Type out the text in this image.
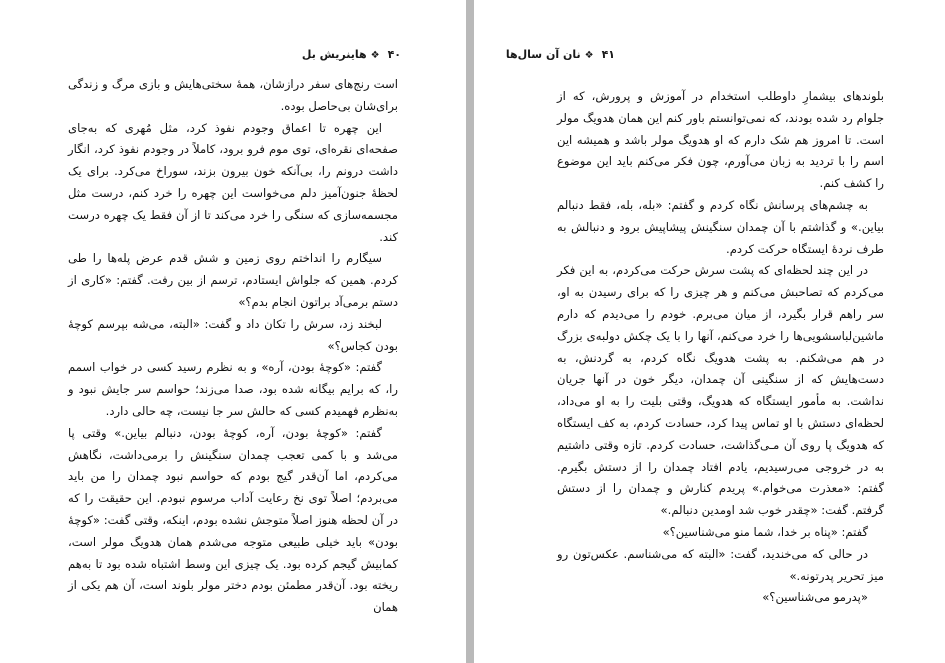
۴۰❖هاینریش بل

است رنج‌های سفر درازشان، همهٔ سختی‌هایش و بازی مرگ و زندگی برای‌شان بی‌حاصل بوده.

این چهره تا اعماق وجودم نفوذ کرد، مثل مُهری که به‌جای صفحه‌ای نقره‌ای، توی موم فرو برود، کاملاً در وجودم نفوذ کرد، انگار داشت درونم را، بی‌آنکه خون بیرون بزند، سوراخ می‌کرد. برای یک لحظهٔ جنون‌آمیز دلم می‌خواست این چهره را خرد کنم، درست مثل مجسمه‌سازی که سنگی را خرد می‌کند تا از آن فقط یک چهره درست کند.

سیگارم را انداختم روی زمین و شش قدم عرض پله‌ها را طی کردم. همین که جلواش ایستادم، ترسم از بین رفت. گفتم: «کاری از دستم برمی‌آد براتون انجام بدم؟»

لبخند زد، سرش را تکان داد و گفت: «البته، می‌شه بپرسم کوچهٔ بودن کجاس؟»

گفتم: «کوچهٔ بودن، آره» و به نظرم رسید کسی در خواب اسمم را، که برایم بیگانه شده بود، صدا می‌زند؛ حواسم سر جایش نبود و به‌نظرم فهمیدم کسی که حالش سر جا نیست، چه حالی دارد.

گفتم: «کوچهٔ بودن، آره، کوچهٔ بودن، دنبالم بیاین.» وقتی پا می‌شد و با کمی تعجب چمدان سنگینش را برمی‌داشت، نگاهش می‌کردم، اما آن‌قدر گیج بودم که حواسم نبود چمدان را من باید می‌بردم؛ اصلاً توی نخ رعایت آداب مرسوم نبودم. این حقیقت را که در آن لحظه هنوز اصلاً متوجش نشده بودم، اینکه، وقتی گفت: «کوچهٔ بودن» باید خیلی طبیعی متوجه می‌شدم همان هدویگ مولر است، کمابیش گیجم کرده بود. یک چیزی این وسط اشتباه شده بود تا به‌هم ریخته بود. آن‌قدر مطمئن بودم دختر مولر بلوند است، آن هم یکی از همان

۴۱❖نان آن سال‌ها

بلوندهای بیشمارِ داوطلب استخدام در آموزش و پرورش، که از جلوام رد شده بودند، که نمی‌توانستم باور کنم این همان هدویگ مولر است. تا امروز هم شک دارم که او هدویگ مولر باشد و همیشه این اسم را با تردید به زبان می‌آورم، چون فکر می‌کنم باید این موضوع را کشف کنم.

به چشم‌های پرسانش نگاه کردم و گفتم: «بله، بله، فقط دنبالم بیاین.» و گذاشتم با آن چمدان سنگینش پیشاپیش برود و دنبالش به طرف نردهٔ ایستگاه حرکت کردم.

در این چند لحظه‌ای که پشت سرش حرکت می‌کردم، به این فکر می‌کردم که تصاحبش می‌کنم و هر چیزی را که برای رسیدن به او، سر راهم قرار بگیرد، از میان می‌برم. خودم را می‌دیدم که دارم ماشین‌لباسشویی‌ها را خرد می‌کنم، آنها را با یک چکش دولبه‌ی بزرگ در هم می‌شکنم. به پشت هدویگ نگاه کردم، به گردنش، به دست‌هایش که از سنگینی آن چمدان، دیگر خون در آنها جریان نداشت. به مأمور ایستگاه که هدویگ، وقتی بلیت را به او می‌داد، لحظه‌ای دستش با او تماس پیدا کرد، حسادت کردم، به کف ایستگاه که هدویگ پا روی آن مـی‌گذاشت، حسادت کردم. تازه وقتی داشتیم به در خروجی می‌رسیدیم، یادم افتاد چمدان را از دستش بگیرم. گفتم: «معذرت می‌خوام.» پریدم کنارش و چمدان را از دستش گرفتم. گفت: «چقدر خوب شد اومدین دنبالم.»

گفتم: «پناه بر خدا، شما منو می‌شناسین؟»

در حالی که می‌خندید، گفت: «البته که می‌شناسم. عکس‌تون رو میز تحریر پدرتونه.»

«پدرمو می‌شناسین؟»
